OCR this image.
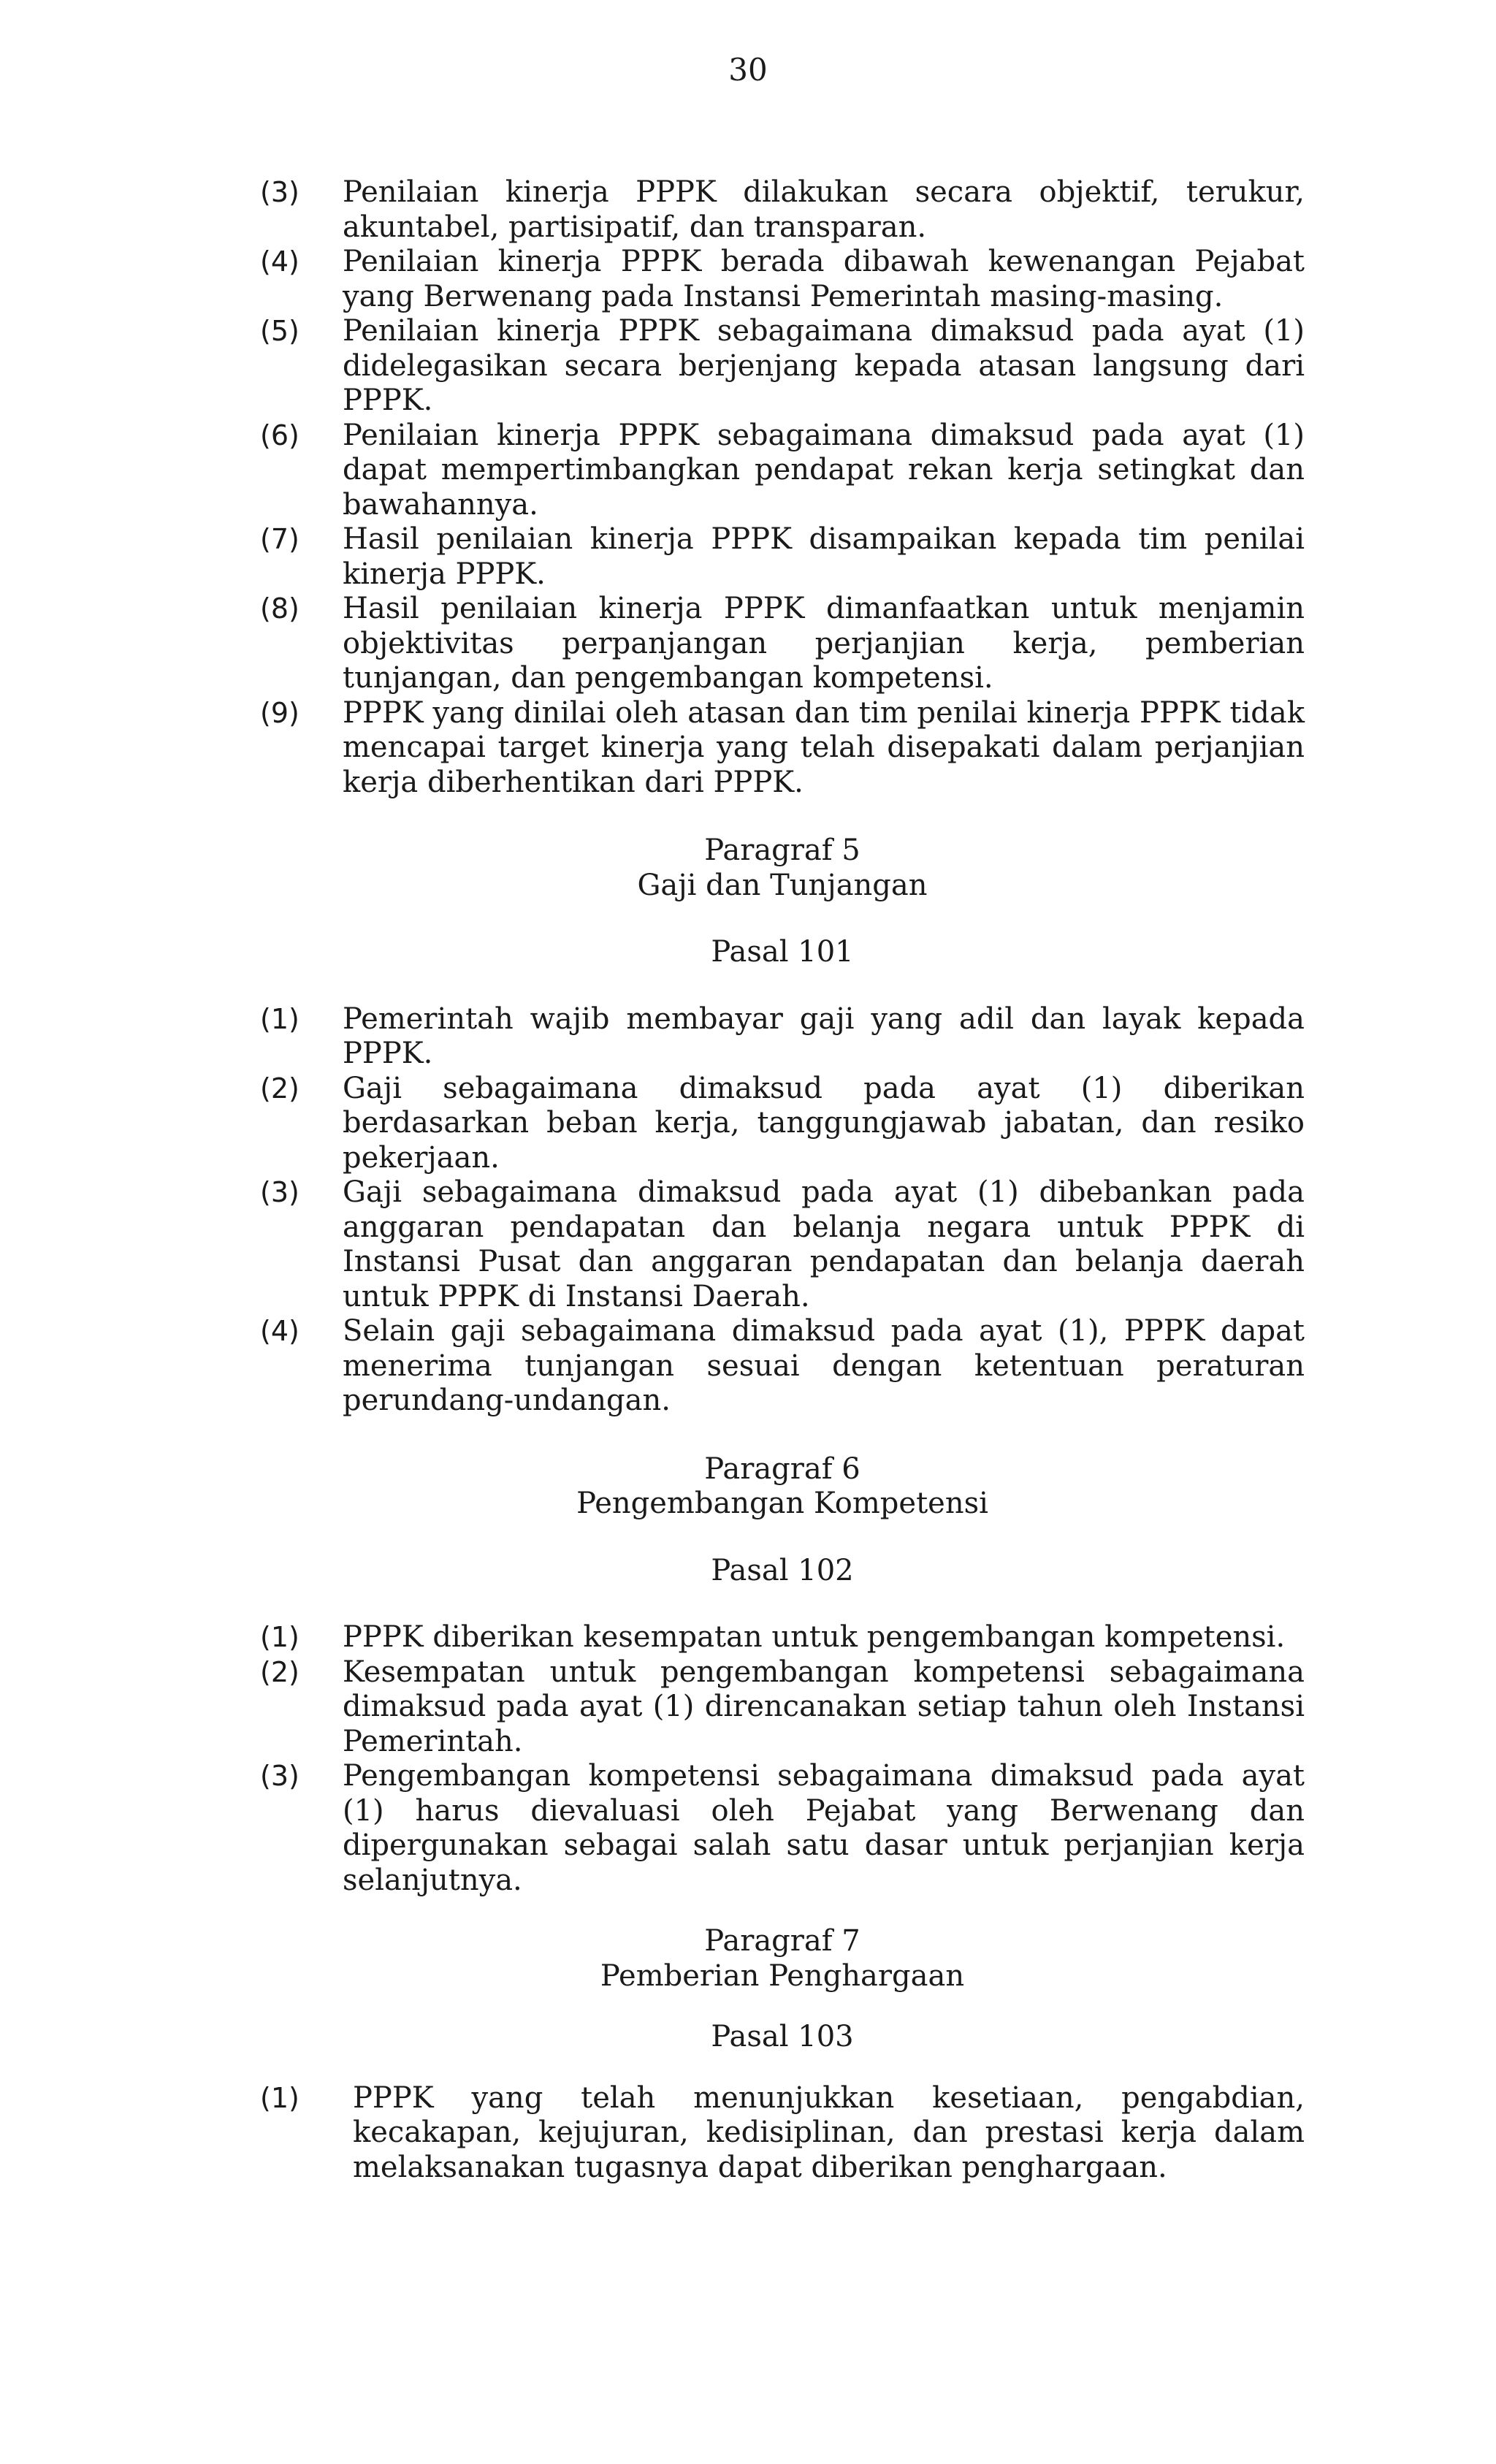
30
(3)	Penilaian kinerja PPPK dilakukan secara objektif, terukur, akuntabel, partisipatif, dan transparan.
(4)	Penilaian kinerja PPPK berada dibawah kewenangan Pejabat yang Berwenang pada Instansi Pemerintah masing-masing.
(5)	Penilaian kinerja PPPK sebagaimana dimaksud pada ayat (1) didelegasikan secara berjenjang kepada atasan langsung dari PPPK.
(6)	Penilaian kinerja PPPK sebagaimana dimaksud pada ayat (1) dapat mempertimbangkan pendapat rekan kerja setingkat dan bawahannya.
(7)	Hasil penilaian kinerja PPPK disampaikan kepada tim penilai kinerja PPPK.
(8)	Hasil penilaian kinerja PPPK dimanfaatkan untuk menjamin objektivitas perpanjangan perjanjian kerja, pemberian tunjangan, dan pengembangan kompetensi.
(9)	PPPK yang dinilai oleh atasan dan tim penilai kinerja PPPK tidak mencapai target kinerja yang telah disepakati dalam perjanjian kerja diberhentikan dari PPPK.
Paragraf 5
Gaji dan Tunjangan
Pasal 101
(1)	Pemerintah wajib membayar gaji yang adil dan layak kepada PPPK.
(2)	Gaji sebagaimana dimaksud pada ayat (1) diberikan berdasarkan beban kerja, tanggungjawab jabatan, dan resiko pekerjaan.
(3)	Gaji sebagaimana dimaksud pada ayat (1) dibebankan pada anggaran pendapatan dan belanja negara untuk PPPK di Instansi Pusat dan anggaran pendapatan dan belanja daerah untuk PPPK di Instansi Daerah.
(4)	Selain gaji sebagaimana dimaksud pada ayat (1), PPPK dapat menerima tunjangan sesuai dengan ketentuan peraturan perundang-undangan.
Paragraf 6
Pengembangan Kompetensi
Pasal 102
(1)	PPPK diberikan kesempatan untuk pengembangan kompetensi.
(2)	Kesempatan untuk pengembangan kompetensi sebagaimana dimaksud pada ayat (1) direncanakan setiap tahun oleh Instansi Pemerintah.
(3)	Pengembangan kompetensi sebagaimana dimaksud pada ayat (1) harus dievaluasi oleh Pejabat yang Berwenang dan dipergunakan sebagai salah satu dasar untuk perjanjian kerja selanjutnya.
Paragraf 7
Pemberian Penghargaan
Pasal 103
(1)	PPPK yang telah menunjukkan kesetiaan, pengabdian, kecakapan, kejujuran, kedisiplinan, dan prestasi kerja dalam melaksanakan tugasnya dapat diberikan penghargaan.
